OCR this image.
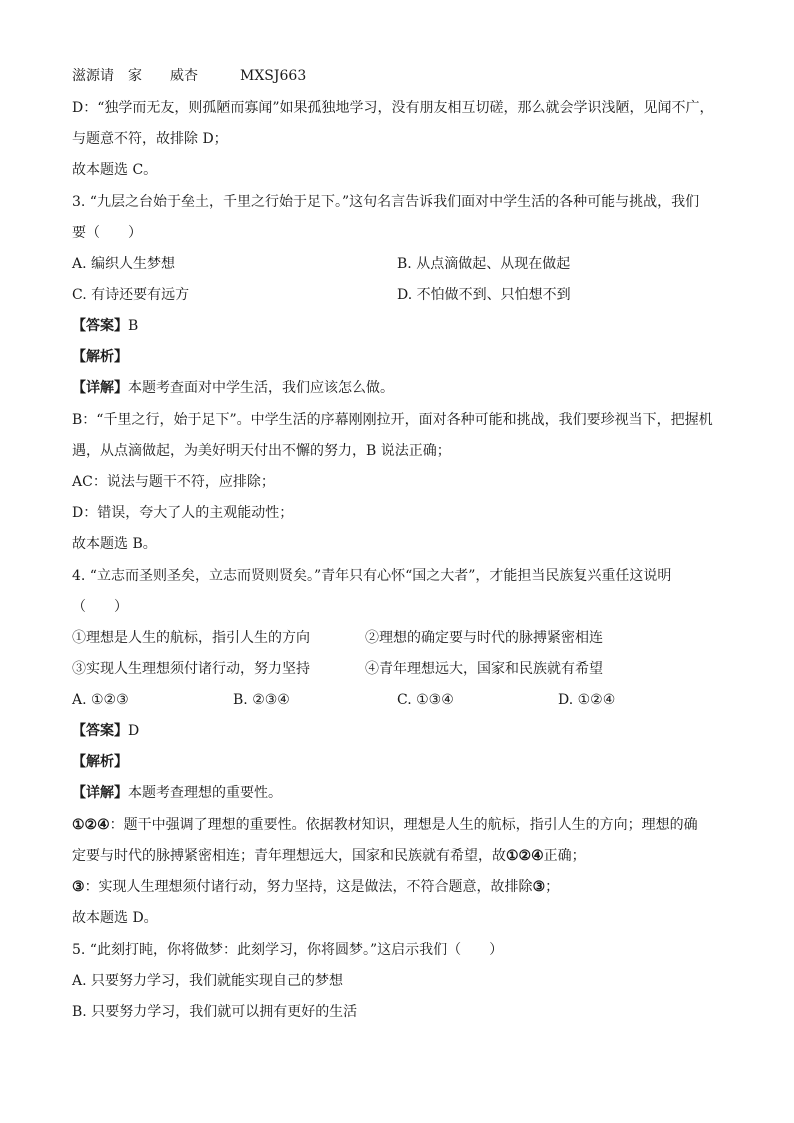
滋源请　家　　威杏　　　MXSJ663
D：“独学而无友，则孤陋而寡闻”如果孤独地学习，没有朋友相互切磋，那么就会学识浅陋，见闻不广，
与题意不符，故排除 D；
故本题选 C。
3. “九层之台始于垒土，千里之行始于足下。”这句名言告诉我们面对中学生活的各种可能与挑战，我们
要（　　）
A. 编织人生梦想	B. 从点滴做起、从现在做起
C. 有诗还要有远方	D. 不怕做不到、只怕想不到
【答案】B
【解析】
【详解】本题考查面对中学生活，我们应该怎么做。
B：“千里之行，始于足下”。中学生活的序幕刚刚拉开，面对各种可能和挑战，我们要珍视当下，把握机
遇，从点滴做起，为美好明天付出不懈的努力，B 说法正确；
AC：说法与题干不符，应排除；
D：错误，夸大了人的主观能动性；
故本题选 B。
4. “立志而圣则圣矣，立志而贤则贤矣。”青年只有心怀“国之大者”，才能担当民族复兴重任这说明
（　　）
①理想是人生的航标，指引人生的方向	②理想的确定要与时代的脉搏紧密相连
③实现人生理想须付诸行动，努力坚持	④青年理想远大，国家和民族就有希望
A. ①②③	B. ②③④	C. ①③④	D. ①②④
【答案】D
【解析】
【详解】本题考查理想的重要性。
①②④：题干中强调了理想的重要性。依据教材知识，理想是人生的航标，指引人生的方向；理想的确
定要与时代的脉搏紧密相连；青年理想远大，国家和民族就有希望，故①②④正确；
③：实现人生理想须付诸行动，努力坚持，这是做法，不符合题意，故排除③；
故本题选 D。
5. “此刻打盹，你将做梦：此刻学习，你将圆梦。”这启示我们（　　）
A. 只要努力学习，我们就能实现自己的梦想
B. 只要努力学习，我们就可以拥有更好的生活
